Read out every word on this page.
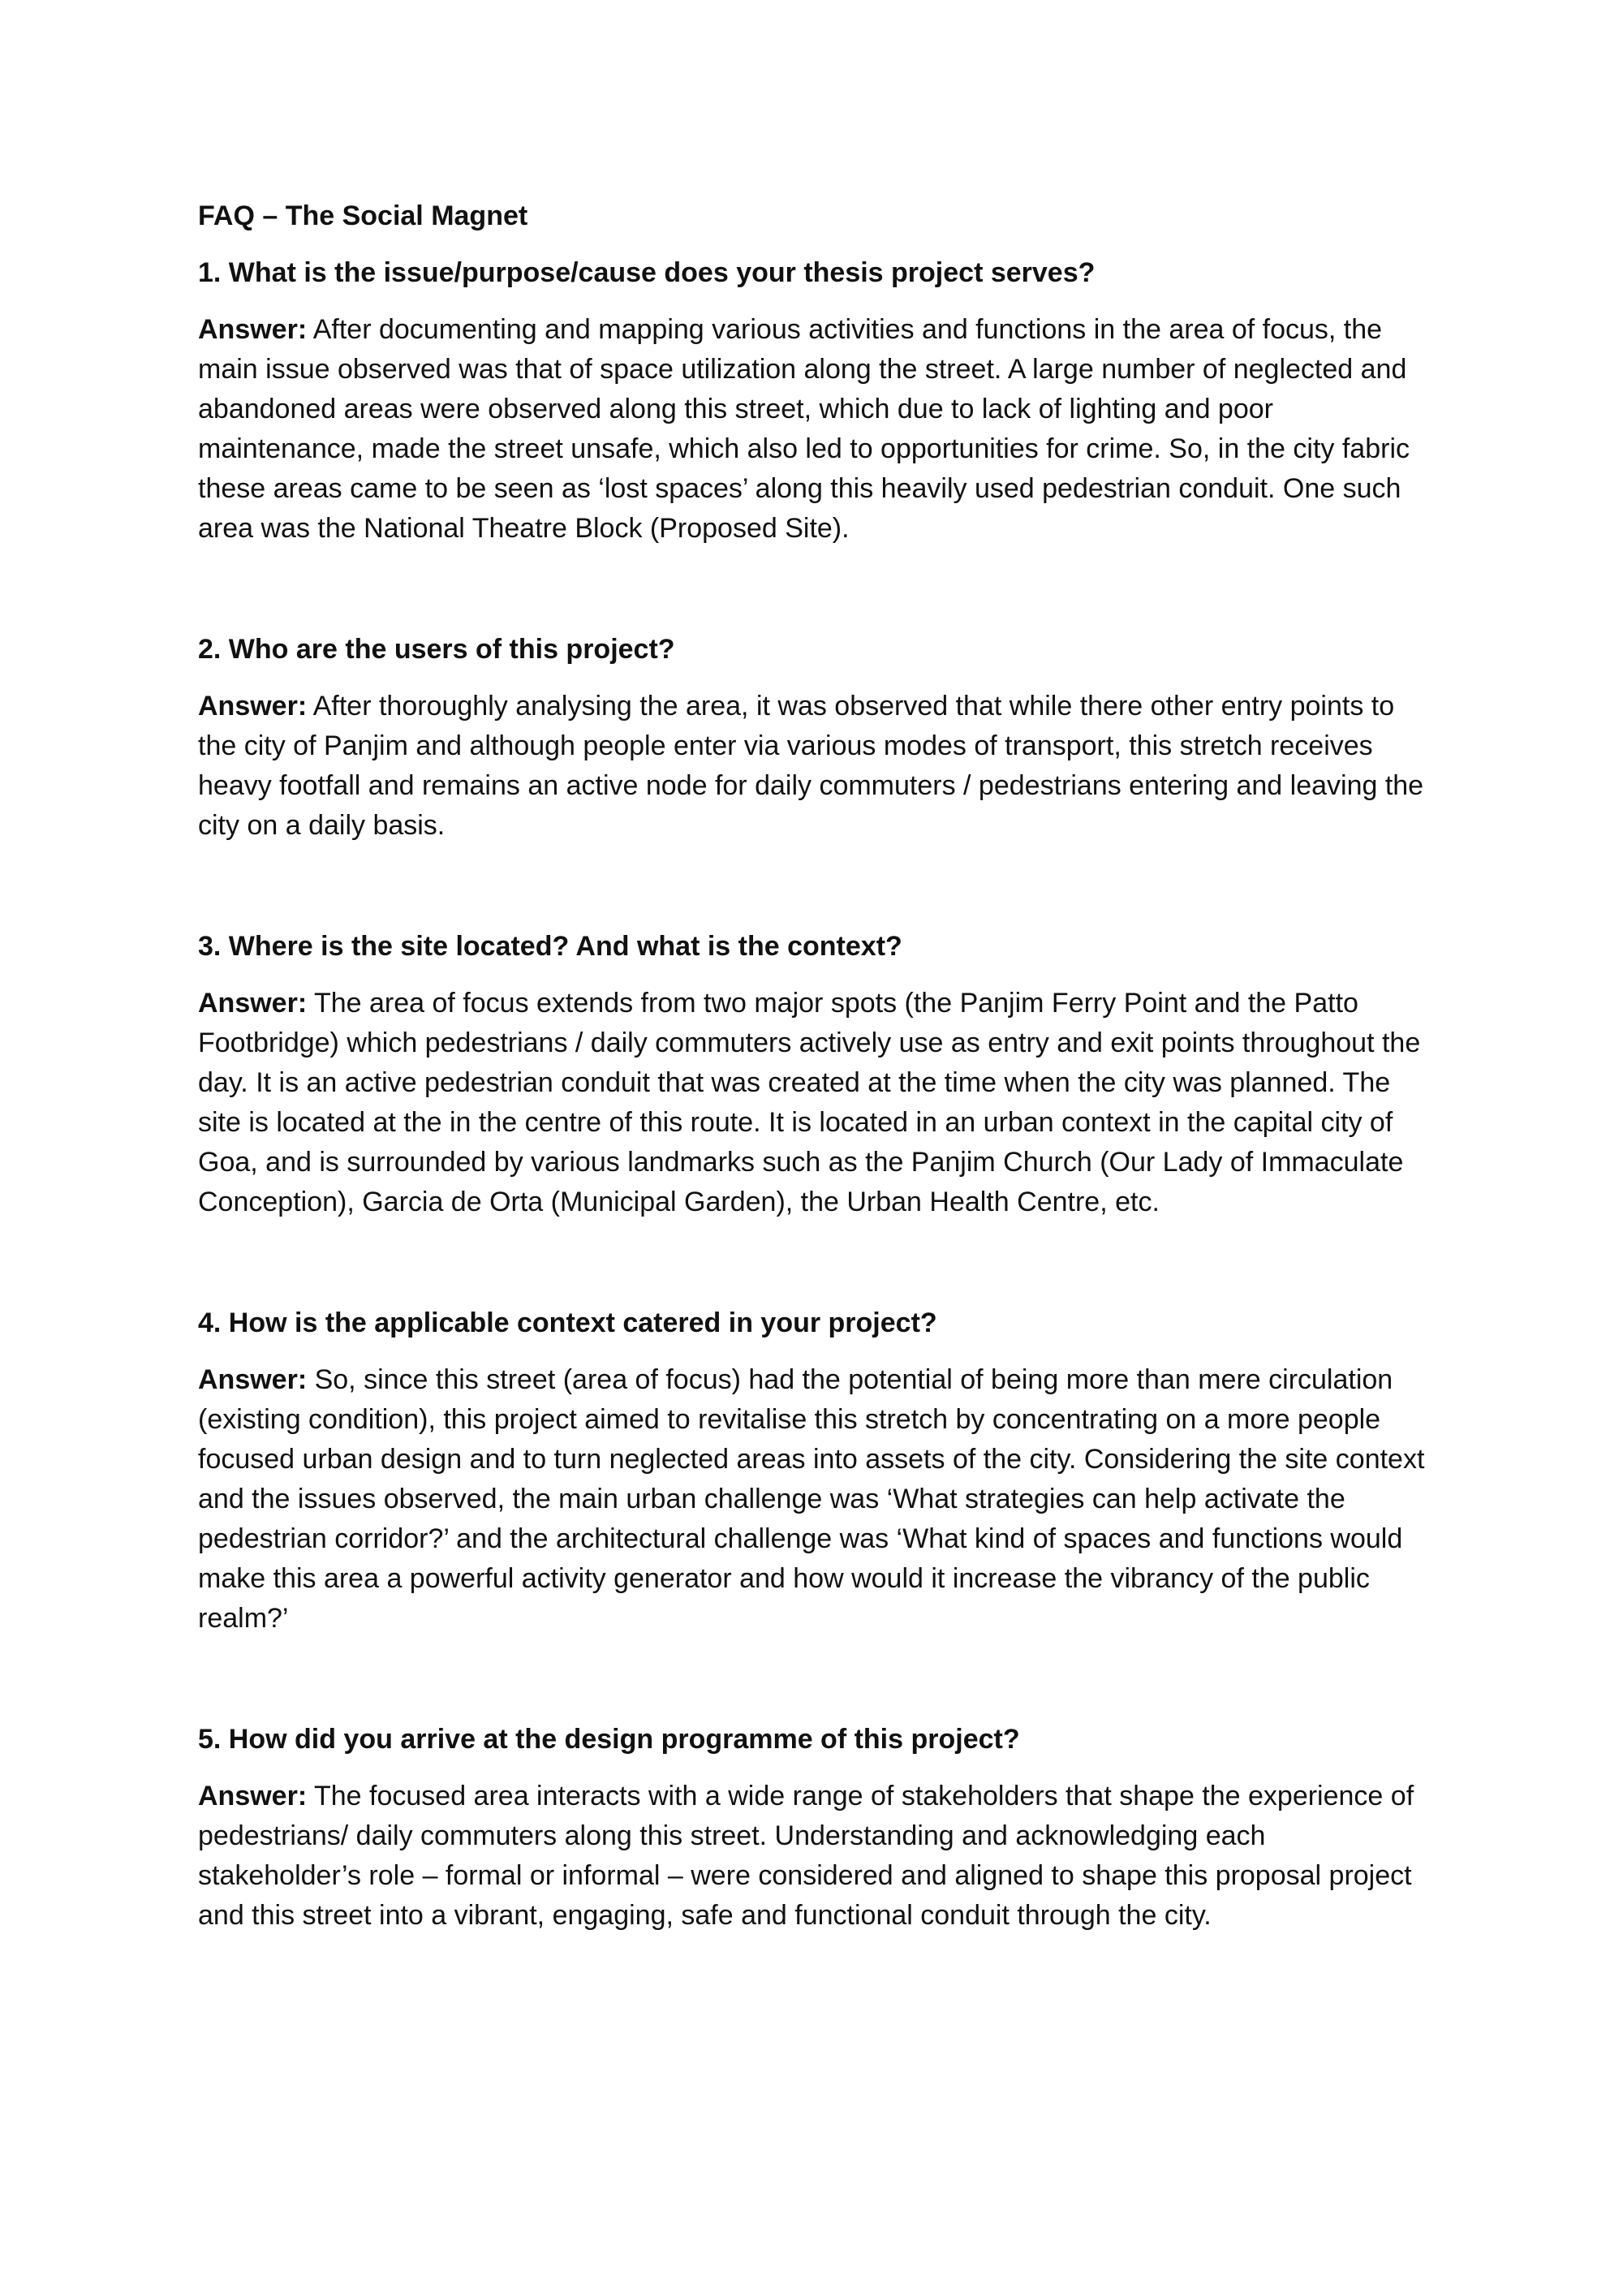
FAQ – The Social Magnet
1. What is the issue/purpose/cause does your thesis project serves?

Answer: After documenting and mapping various activities and functions in the area of focus, the main issue observed was that of space utilization along the street. A large number of neglected and abandoned areas were observed along this street, which due to lack of lighting and poor maintenance, made the street unsafe, which also led to opportunities for crime. So, in the city fabric these areas came to be seen as ‘lost spaces’ along this heavily used pedestrian conduit. One such area was the National Theatre Block (Proposed Site).

2. Who are the users of this project?

Answer: After thoroughly analysing the area, it was observed that while there other entry points to the city of Panjim and although people enter via various modes of transport, this stretch receives heavy footfall and remains an active node for daily commuters / pedestrians entering and leaving the city on a daily basis.

3. Where is the site located? And what is the context?

Answer: The area of focus extends from two major spots (the Panjim Ferry Point and the Patto Footbridge) which pedestrians / daily commuters actively use as entry and exit points throughout the day. It is an active pedestrian conduit that was created at the time when the city was planned. The site is located at the in the centre of this route. It is located in an urban context in the capital city of Goa, and is surrounded by various landmarks such as the Panjim Church (Our Lady of Immaculate Conception), Garcia de Orta (Municipal Garden), the Urban Health Centre, etc.

4. How is the applicable context catered in your project?

Answer: So, since this street (area of focus) had the potential of being more than mere circulation (existing condition), this project aimed to revitalise this stretch by concentrating on a more people focused urban design and to turn neglected areas into assets of the city. Considering the site context and the issues observed, the main urban challenge was ‘What strategies can help activate the pedestrian corridor?’ and the architectural challenge was ‘What kind of spaces and functions would make this area a powerful activity generator and how would it increase the vibrancy of the public realm?’

5. How did you arrive at the design programme of this project?

Answer: The focused area interacts with a wide range of stakeholders that shape the experience of pedestrians/ daily commuters along this street. Understanding and acknowledging each stakeholder’s role – formal or informal – were considered and aligned to shape this proposal project and this street into a vibrant, engaging, safe and functional conduit through the city.
